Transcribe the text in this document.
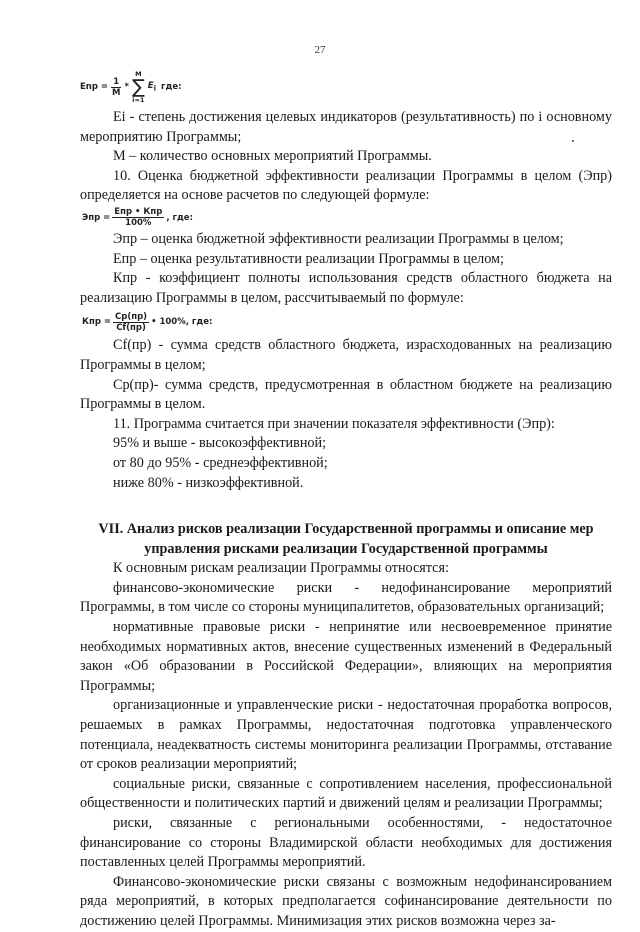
27
Enp = $\frac{1}{M}$ *
M
∑
i=1
$E_i$ где:

Ei - степень достижения целевых индикаторов (результативность) по i основному мероприятию Программы;

M – количество основных мероприятий Программы.

10. Оценка бюджетной эффективности реализации Программы в целом (Эпр) определяется на основе расчетов по следующей формуле:

Эпр = $\frac{\text{Епр • Кпр}}{100\%}$ , где:

Эпр – оценка бюджетной эффективности реализации Программы в целом;

Епр – оценка результативности реализации Программы в целом;

Кпр - коэффициент полноты использования средств областного бюджета на реализацию Программы в целом, рассчитываемый по формуле:

Кпр = $\frac{Cp(пр)}{Cf(пр)}$ • 100%, где:

Cf(пр) - сумма средств областного бюджета, израсходованных на реализацию Программы в целом;

Ср(пр)- сумма средств, предусмотренная в областном бюджете на реализацию Программы в целом.

11. Программа считается при значении показателя эффективности (Эпр):

95% и выше - высокоэффективной;

от 80 до 95% - среднеэффективной;

ниже 80% - низкоэффективной.

VII. Анализ рисков реализации Государственной программы и описание мер
управления рисками реализации Государственной программы

К основным рискам реализации Программы относятся:

финансово-экономические риски - недофинансирование мероприятий Программы, в том числе со стороны муниципалитетов, образовательных организаций;

нормативные правовые риски - непринятие или несвоевременное принятие необходимых нормативных актов, внесение существенных изменений в Федеральный закон «Об образовании в Российской Федерации», влияющих на мероприятия Программы;

организационные и управленческие риски - недостаточная проработка вопросов, решаемых в рамках Программы, недостаточная подготовка управленческого потенциала, неадекватность системы мониторинга реализации Программы, отставание от сроков реализации мероприятий;

социальные риски, связанные с сопротивлением населения, профессиональной общественности и политических партий и движений целям и реализации Программы;

риски, связанные с региональными особенностями, - недостаточное финансирование со стороны Владимирской области необходимых для достижения поставленных целей Программы мероприятий.

Финансово-экономические риски связаны с возможным недофинансированием ряда мероприятий, в которых предполагается софинансирование деятельности по достижению целей Программы. Минимизация этих рисков возможна через за-
